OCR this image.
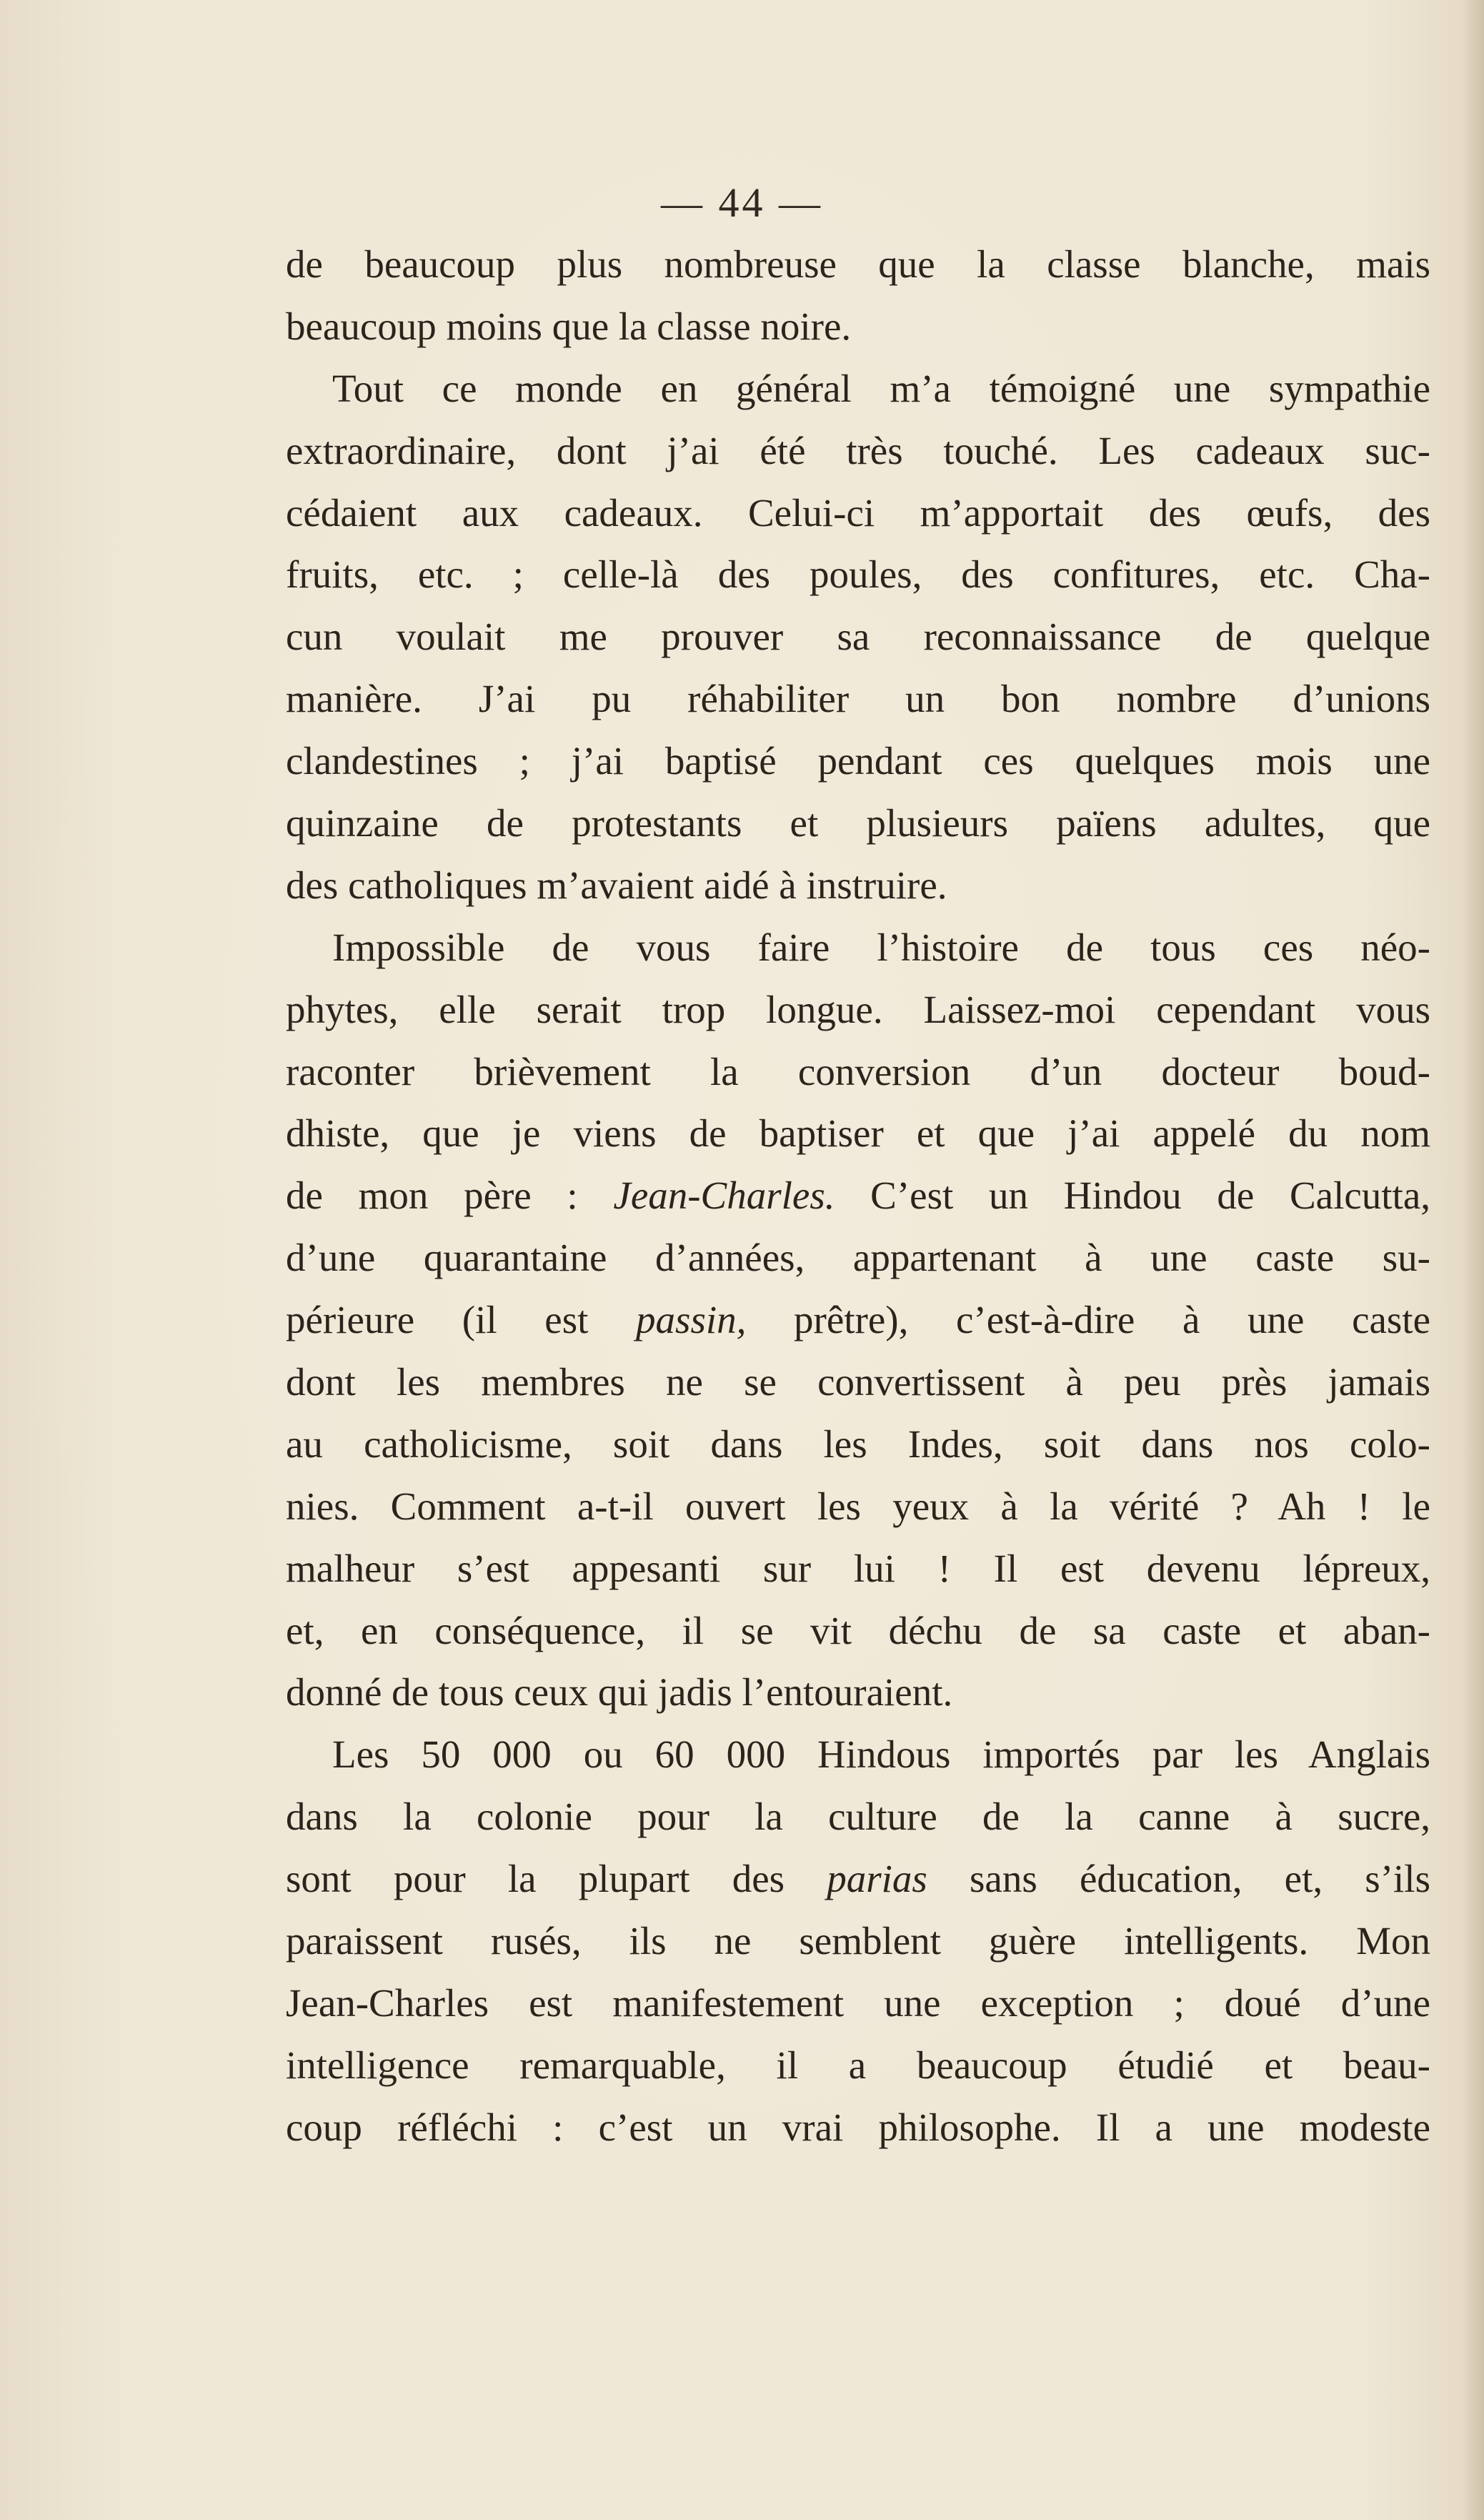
— 44 —
de beaucoup plus nombreuse que la classe blanche, mais
beaucoup moins que la classe noire.
Tout ce monde en général m’a témoigné une sympathie
extraordinaire, dont j’ai été très touché. Les cadeaux suc-
cédaient aux cadeaux. Celui-ci m’apportait des œufs, des
fruits, etc. ; celle-là des poules, des confitures, etc. Cha-
cun voulait me prouver sa reconnaissance de quelque
manière. J’ai pu réhabiliter un bon nombre d’unions
clandestines ; j’ai baptisé pendant ces quelques mois une
quinzaine de protestants et plusieurs païens adultes, que
des catholiques m’avaient aidé à instruire.
Impossible de vous faire l’histoire de tous ces néo-
phytes, elle serait trop longue. Laissez-moi cependant vous
raconter brièvement la conversion d’un docteur boud-
dhiste, que je viens de baptiser et que j’ai appelé du nom
de mon père : Jean-Charles. C’est un Hindou de Calcutta,
d’une quarantaine d’années, appartenant à une caste su-
périeure (il est passin, prêtre), c’est-à-dire à une caste
dont les membres ne se convertissent à peu près jamais
au catholicisme, soit dans les Indes, soit dans nos colo-
nies. Comment a-t-il ouvert les yeux à la vérité ? Ah ! le
malheur s’est appesanti sur lui ! Il est devenu lépreux,
et, en conséquence, il se vit déchu de sa caste et aban-
donné de tous ceux qui jadis l’entouraient.
Les 50 000 ou 60 000 Hindous importés par les Anglais
dans la colonie pour la culture de la canne à sucre,
sont pour la plupart des parias sans éducation, et, s’ils
paraissent rusés, ils ne semblent guère intelligents. Mon
Jean-Charles est manifestement une exception ; doué d’une
intelligence remarquable, il a beaucoup étudié et beau-
coup réfléchi : c’est un vrai philosophe. Il a une modeste
